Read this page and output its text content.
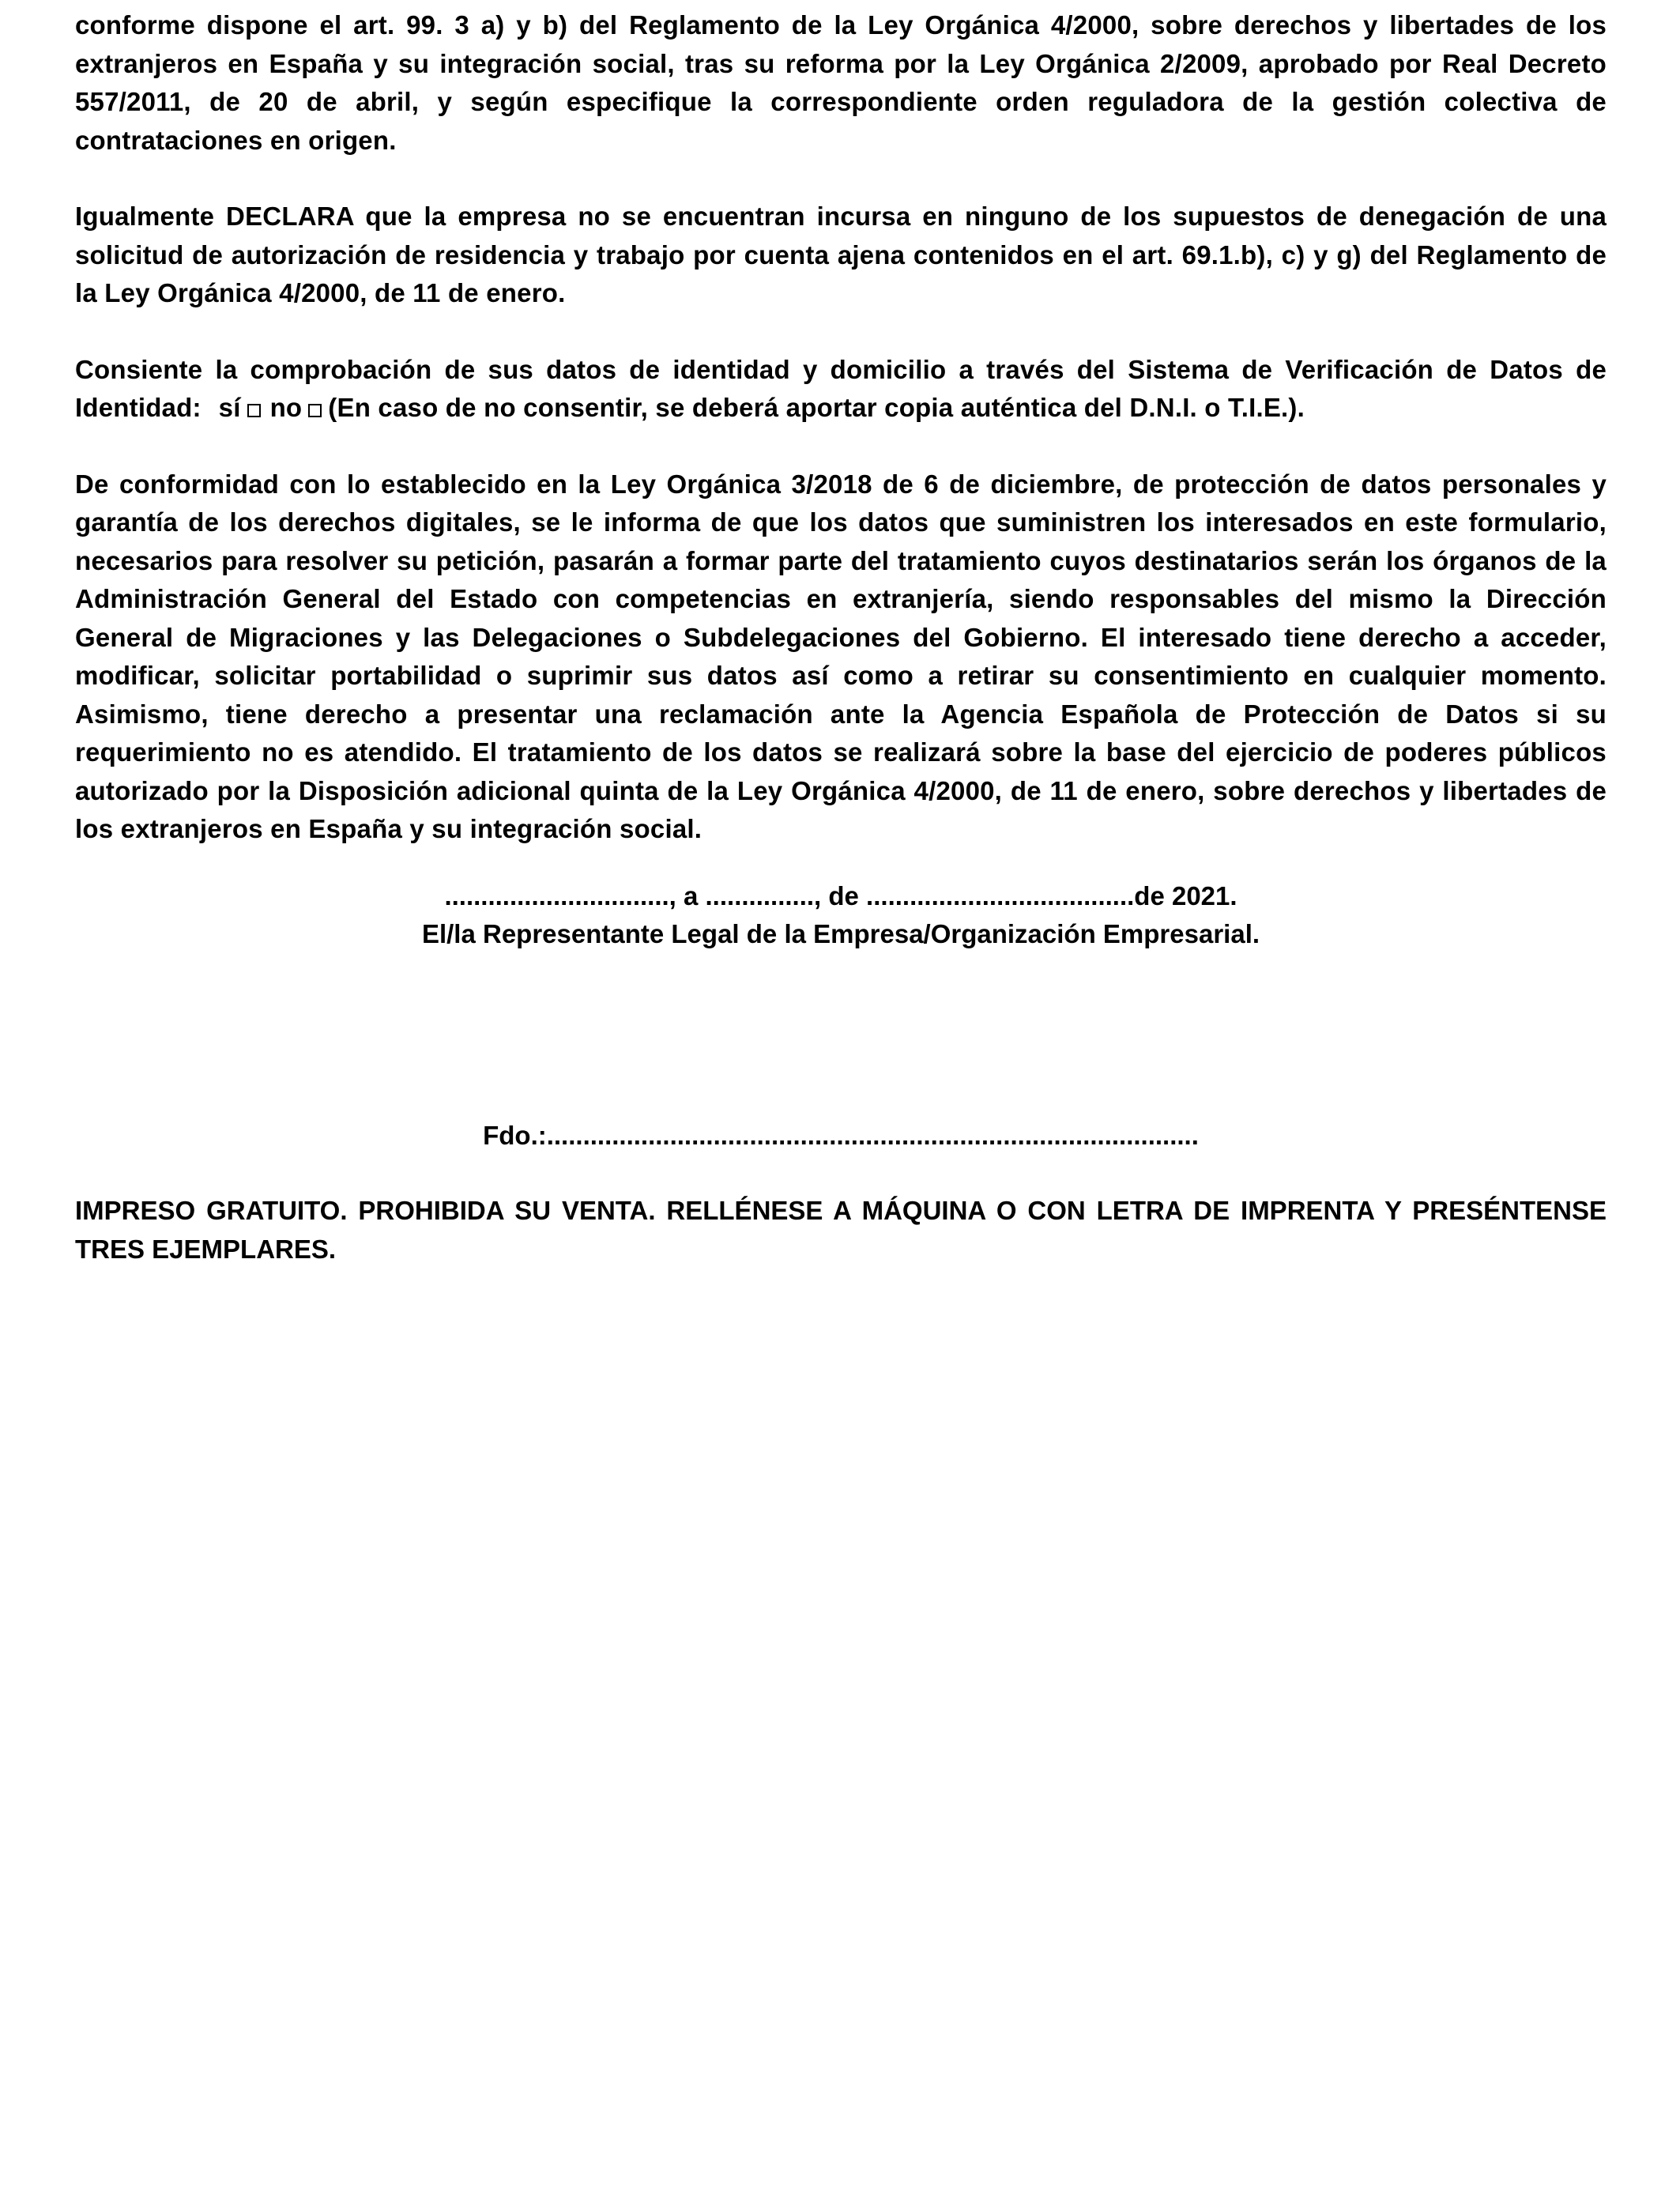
conforme dispone el art. 99. 3 a) y b) del Reglamento de la Ley Orgánica 4/2000, sobre derechos y libertades de los extranjeros en España y su integración social, tras su reforma por la Ley Orgánica 2/2009, aprobado por Real Decreto 557/2011, de 20 de abril, y según especifique la correspondiente orden reguladora de la gestión colectiva de contrataciones en origen.

Igualmente DECLARA que la empresa no se encuentran incursa en ninguno de los supuestos de denegación de una solicitud de autorización de residencia y trabajo por cuenta ajena contenidos en el art. 69.1.b), c) y g) del Reglamento de la Ley Orgánica 4/2000, de 11 de enero.

Consiente la comprobación de sus datos de identidad y domicilio a través del Sistema de Verificación de Datos de Identidad: sí no (En caso de no consentir, se deberá aportar copia auténtica del D.N.I. o T.I.E.).

De conformidad con lo establecido en la Ley Orgánica 3/2018 de 6 de diciembre, de protección de datos personales y garantía de los derechos digitales, se le informa de que los datos que suministren los interesados en este formulario, necesarios para resolver su petición, pasarán a formar parte del tratamiento cuyos destinatarios serán los órganos de la Administración General del Estado con competencias en extranjería, siendo responsables del mismo la Dirección General de Migraciones y las Delegaciones o Subdelegaciones del Gobierno. El interesado tiene derecho a acceder, modificar, solicitar portabilidad o suprimir sus datos así como a retirar su consentimiento en cualquier momento. Asimismo, tiene derecho a presentar una reclamación ante la Agencia Española de Protección de Datos si su requerimiento no es atendido. El tratamiento de los datos se realizará sobre la base del ejercicio de poderes públicos autorizado por la Disposición adicional quinta de la Ley Orgánica 4/2000, de 11 de enero, sobre derechos y libertades de los extranjeros en España y su integración social.

..............................., a ..............., de .....................................de 2021.
El/la Representante Legal de la Empresa/Organización Empresarial.
Fdo.:..........................................................................................

IMPRESO GRATUITO. PROHIBIDA SU VENTA. RELLÉNESE A MÁQUINA O CON LETRA DE IMPRENTA Y PRESÉNTENSE TRES EJEMPLARES.
